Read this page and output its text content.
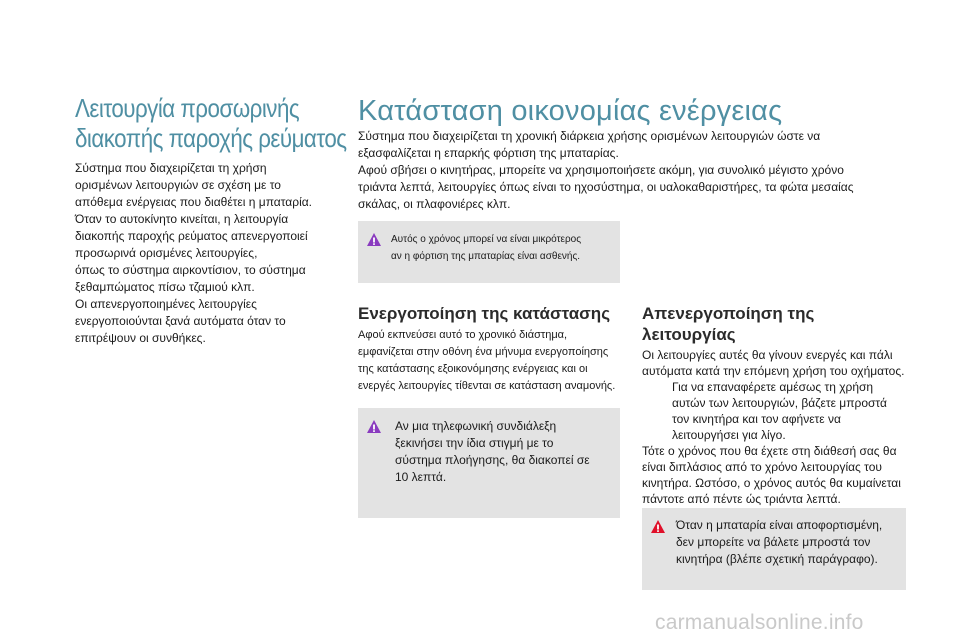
Λειτουργία προσωρινής
διακοπής παροχής ρεύματος

Σύστημα που διαχειρίζεται τη χρήση

ορισμένων λειτουργιών σε σχέση με το

απόθεμα ενέργειας που διαθέτει η μπαταρία.

Όταν το αυτοκίνητο κινείται, η λειτουργία

διακοπής παροχής ρεύματος απενεργοποιεί

προσωρινά ορισμένες λειτουργίες,

όπως το σύστημα αιρκοντίσιον, το σύστημα

ξεθαμπώματος πίσω τζαμιού κλπ.

Οι απενεργοποιημένες λειτουργίες

ενεργοποιούνται ξανά αυτόματα όταν το

επιτρέψουν οι συνθήκες.

Κατάσταση οικονομίας ενέργειας

Σύστημα που διαχειρίζεται τη χρονική διάρκεια χρήσης ορισμένων λειτουργιών ώστε να

εξασφαλίζεται η επαρκής φόρτιση της μπαταρίας.

Αφού σβήσει ο κινητήρας, μπορείτε να χρησιμοποιήσετε ακόμη, για συνολικό μέγιστο χρόνο

τριάντα λεπτά, λειτουργίες όπως είναι το ηχοσύστημα, οι υαλοκαθαριστήρες, τα φώτα μεσαίας

σκάλας, οι πλαφονιέρες κλπ.

Αυτός ο χρόνος μπορεί να είναι μικρότερος
αν η φόρτιση της μπαταρίας είναι ασθενής.
Ενεργοποίηση της κατάστασης
Αφού εκπνεύσει αυτό το χρονικό διάστημα,
εμφανίζεται στην οθόνη ένα μήνυμα ενεργοποίησης
της κατάστασης εξοικονόμησης ενέργειας και οι
ενεργές λειτουργίες τίθενται σε κατάσταση αναμονής.
Αν μια τηλεφωνική συνδιάλεξη
ξεκινήσει την ίδια στιγμή με το
σύστημα πλοήγησης, θα διακοπεί σε
10 λεπτά.
Απενεργοποίηση της
λειτουργίας

Οι λειτουργίες αυτές θα γίνουν ενεργές και πάλι

αυτόματα κατά την επόμενη χρήση του οχήματος.

Για να επαναφέρετε αμέσως τη χρήση
αυτών των λειτουργιών, βάζετε μπροστά
τον κινητήρα και τον αφήνετε να
λειτουργήσει για λίγο.

Τότε ο χρόνος που θα έχετε στη διάθεσή σας θα

είναι διπλάσιος από το χρόνο λειτουργίας του

κινητήρα. Ωστόσο, ο χρόνος αυτός θα κυμαίνεται

πάντοτε από πέντε ώς τριάντα λεπτά.

Όταν η μπαταρία είναι αποφορτισμένη,
δεν μπορείτε να βάλετε μπροστά τον
κινητήρα (βλέπε σχετική παράγραφο).
carmanualsonline.info
